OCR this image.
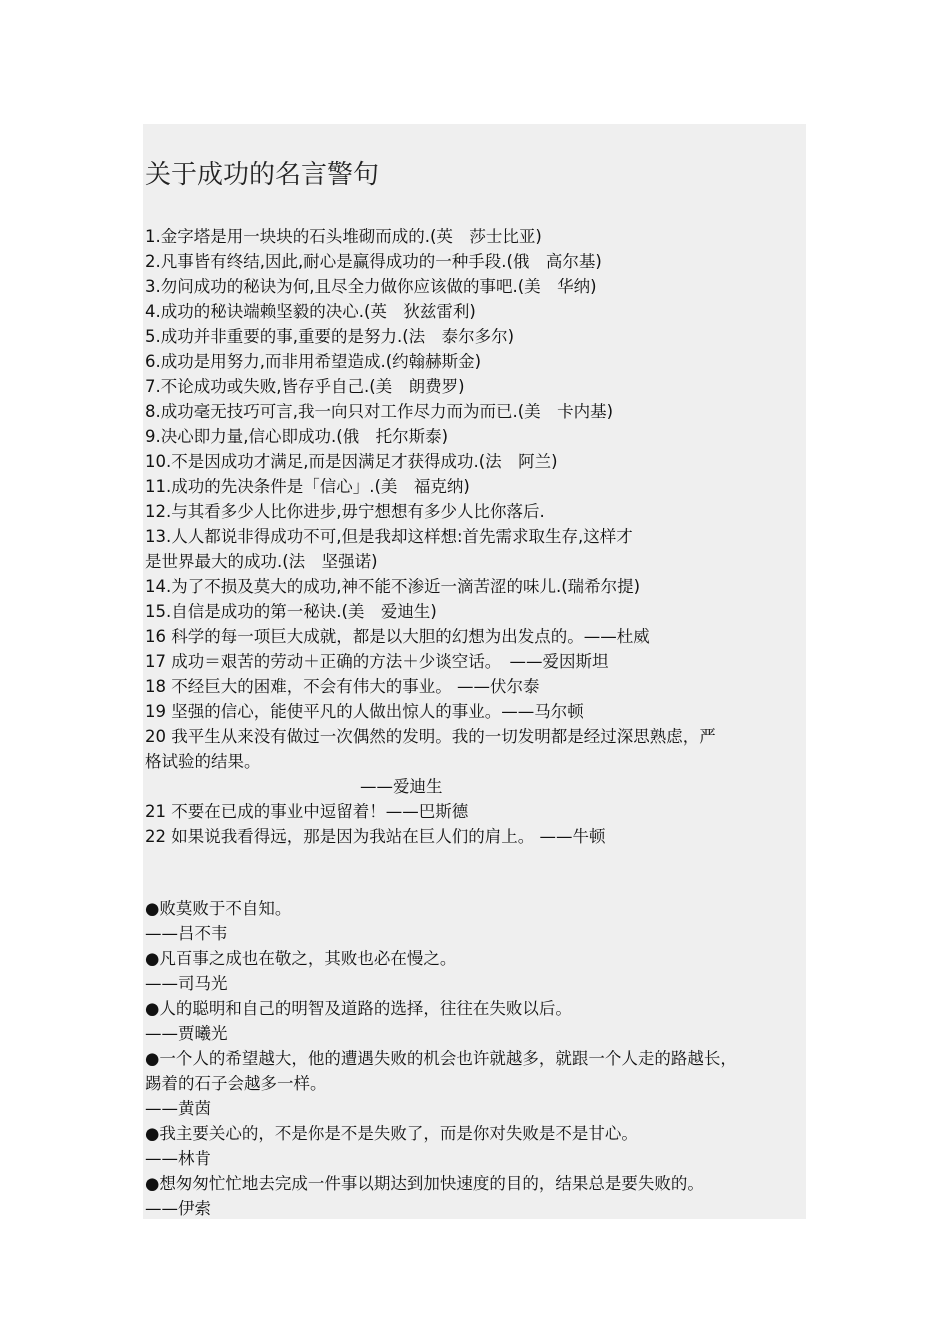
关于成功的名言警句
1.金字塔是用一块块的石头堆砌而成的.(英　莎士比亚)
2.凡事皆有终结,因此,耐心是赢得成功的一种手段.(俄　高尔基)
3.勿问成功的秘诀为何,且尽全力做你应该做的事吧.(美　华纳)
4.成功的秘诀端赖坚毅的决心.(英　狄兹雷利)
5.成功并非重要的事,重要的是努力.(法　泰尔多尔)
6.成功是用努力,而非用希望造成.(约翰赫斯金)
7.不论成功或失败,皆存乎自己.(美　朗费罗)
8.成功毫无技巧可言,我一向只对工作尽力而为而已.(美　卡内基)
9.决心即力量,信心即成功.(俄　托尔斯泰)
10.不是因成功才满足,而是因满足才获得成功.(法　阿兰)
11.成功的先决条件是「信心」.(美　福克纳)
12.与其看多少人比你进步,毋宁想想有多少人比你落后.
13.人人都说非得成功不可,但是我却这样想:首先需求取生存,这样才
是世界最大的成功.(法　坚强诺)
14.为了不损及莫大的成功,神不能不渗近一滴苦涩的味儿.(瑞希尔提)
15.自信是成功的第一秘诀.(美　爱迪生)
16 科学的每一项巨大成就，都是以大胆的幻想为出发点的。——杜威
17 成功＝艰苦的劳动＋正确的方法＋少谈空话。　——爱因斯坦
18 不经巨大的困难，不会有伟大的事业。 ——伏尔泰
19 坚强的信心，能使平凡的人做出惊人的事业。——马尔顿
20 我平生从来没有做过一次偶然的发明。我的一切发明都是经过深思熟虑，严
格试验的结果。
——爱迪生
21 不要在已成的事业中逗留着！——巴斯德
22 如果说我看得远，那是因为我站在巨人们的肩上。 ——牛顿
●败莫败于不自知。
——吕不韦
●凡百事之成也在敬之，其败也必在慢之。
——司马光
●人的聪明和自己的明智及道路的选择，往往在失败以后。
——贾曦光
●一个人的希望越大，他的遭遇失败的机会也许就越多，就跟一个人走的路越长，
踢着的石子会越多一样。
——黄茵
●我主要关心的，不是你是不是失败了，而是你对失败是不是甘心。
——林肯
●想匆匆忙忙地去完成一件事以期达到加快速度的目的，结果总是要失败的。
——伊索
